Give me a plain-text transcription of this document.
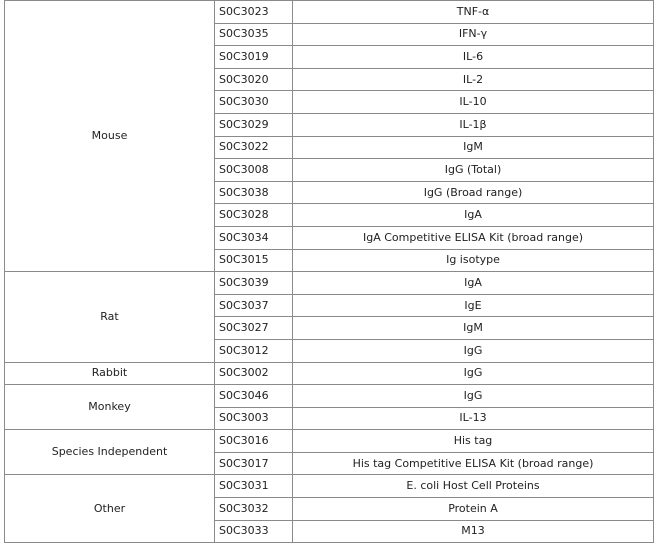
Mouse	S0C3023	TNF-α
	S0C3035	IFN-γ
	S0C3019	IL-6
	S0C3020	IL-2
	S0C3030	IL-10
	S0C3029	IL-1β
	S0C3022	IgM
	S0C3008	IgG (Total)
	S0C3038	IgG (Broad range)
	S0C3028	IgA
	S0C3034	IgA Competitive ELISA Kit (broad range)
	S0C3015	Ig isotype
Rat	S0C3039	IgA
	S0C3037	IgE
	S0C3027	IgM
	S0C3012	IgG
Rabbit	S0C3002	IgG
Monkey	S0C3046	IgG
	S0C3003	IL-13
Species Independent	S0C3016	His tag
	S0C3017	His tag Competitive ELISA Kit (broad range)
Other	S0C3031	E. coli Host Cell Proteins
	S0C3032	Protein A
	S0C3033	M13
